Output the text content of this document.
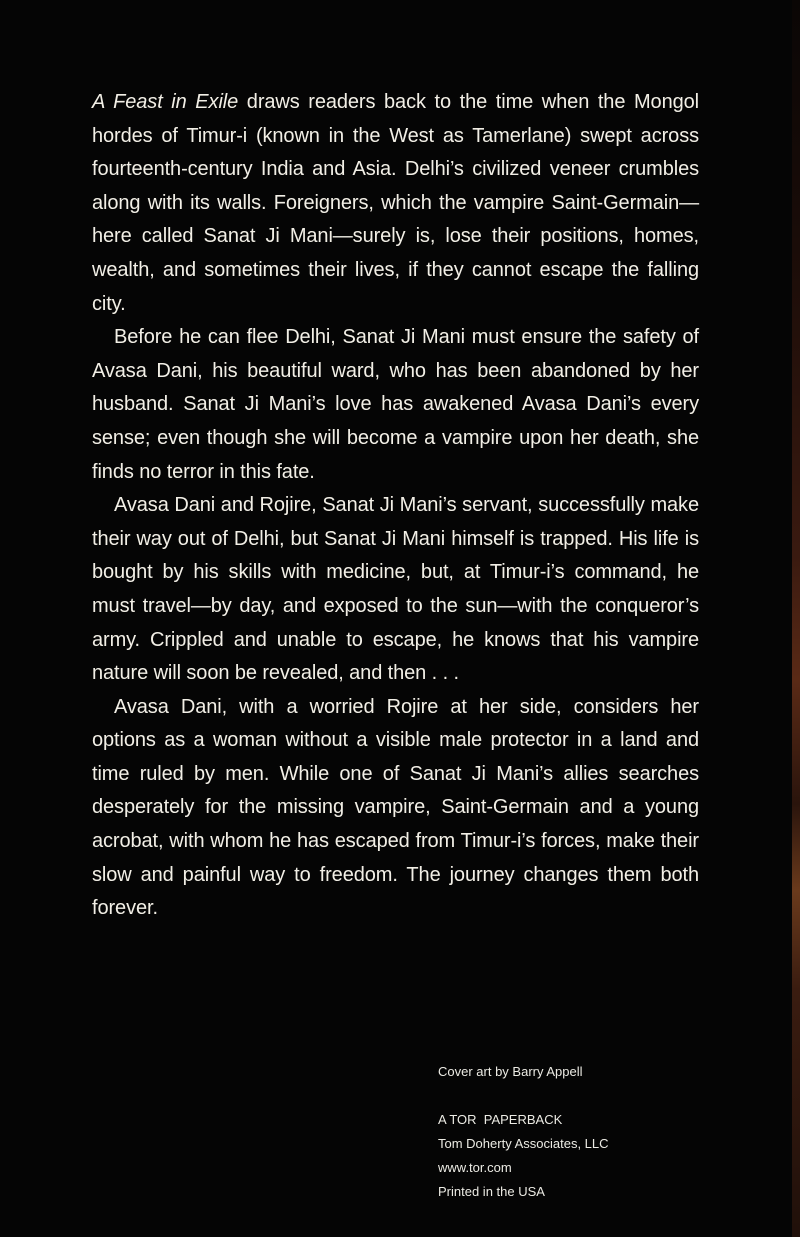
A Feast in Exile draws readers back to the time when the Mongol hordes of Timur-i (known in the West as Tamerlane) swept across fourteenth-century India and Asia. Delhi’s civilized veneer crumbles along with its walls. Foreigners, which the vampire Saint-Germain—here called Sanat Ji Mani—surely is, lose their positions, homes, wealth, and sometimes their lives, if they cannot escape the falling city.

Before he can flee Delhi, Sanat Ji Mani must ensure the safety of Avasa Dani, his beautiful ward, who has been abandoned by her husband. Sanat Ji Mani’s love has awakened Avasa Dani’s every sense; even though she will become a vampire upon her death, she finds no terror in this fate.

Avasa Dani and Rojire, Sanat Ji Mani’s servant, successfully make their way out of Delhi, but Sanat Ji Mani himself is trapped. His life is bought by his skills with medicine, but, at Timur-i’s command, he must travel—by day, and exposed to the sun—with the conqueror’s army. Crippled and unable to escape, he knows that his vampire nature will soon be revealed, and then . . .

Avasa Dani, with a worried Rojire at her side, considers her options as a woman without a visible male protector in a land and time ruled by men. While one of Sanat Ji Mani’s allies searches desperately for the missing vampire, Saint-Germain and a young acrobat, with whom he has escaped from Timur-i’s forces, make their slow and painful way to freedom. The journey changes them both forever.

Cover art by Barry Appell
A TOR  PAPERBACK
Tom Doherty Associates, LLC
www.tor.com
Printed in the USA
